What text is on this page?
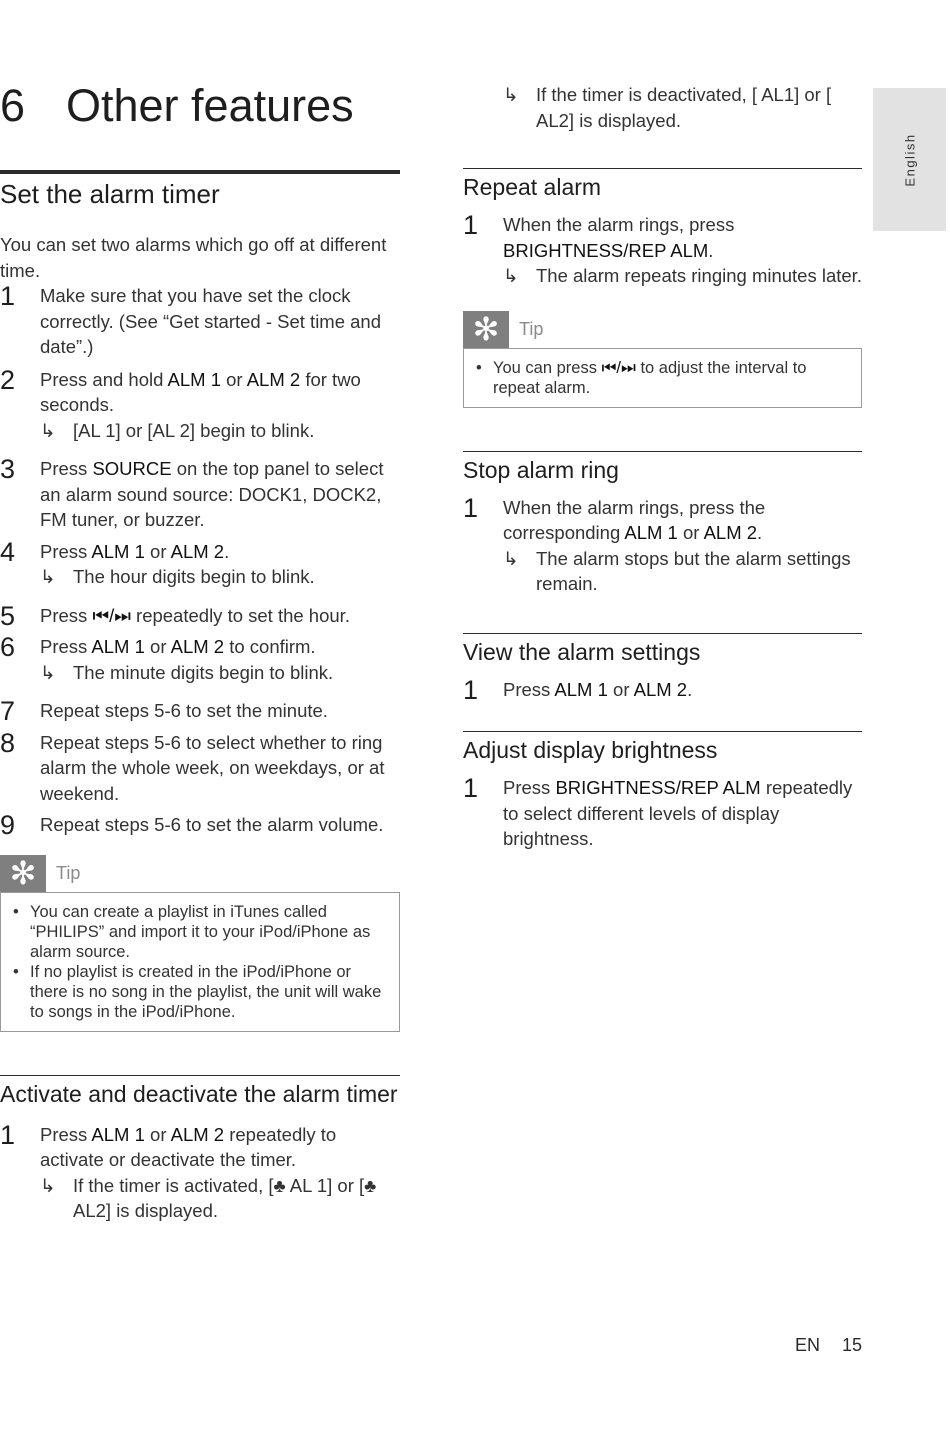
English
6 Other features
Set the alarm timer

You can set two alarms which go off at different time.

1 Make sure that you have set the clock correctly. (See “Get started - Set time and date”.)
2 Press and hold ALM 1 or ALM 2 for two seconds.
↳ [AL 1] or [AL 2] begin to blink.
3 Press SOURCE on the top panel to select an alarm sound source: DOCK1, DOCK2, FM tuner, or buzzer.
4 Press ALM 1 or ALM 2.
↳ The hour digits begin to blink.
5 Press ⏮/⏭ repeatedly to set the hour.
6 Press ALM 1 or ALM 2 to confirm.
↳ The minute digits begin to blink.
7 Repeat steps 5-6 to set the minute.
8 Repeat steps 5-6 to select whether to ring alarm the whole week, on weekdays, or at weekend.
9 Repeat steps 5-6 to set the alarm volume.
✻	Tip
• You can create a playlist in iTunes called “PHILIPS” and import it to your iPod/iPhone as alarm source.
• If no playlist is created in the iPod/iPhone or there is no song in the playlist, the unit will wake to songs in the iPod/iPhone.
Activate and deactivate the alarm timer
1 Press ALM 1 or ALM 2 repeatedly to activate or deactivate the timer.
↳ If the timer is activated, [♣ AL 1] or [♣ AL2] is displayed.
↳ If the timer is deactivated, [ AL1] or [ AL2] is displayed.
Repeat alarm
1 When the alarm rings, press BRIGHTNESS/REP ALM.
↳ The alarm repeats ringing minutes later.
✻	Tip
• You can press ⏮/⏭ to adjust the interval to repeat alarm.
Stop alarm ring
1 When the alarm rings, press the corresponding ALM 1 or ALM 2.
↳ The alarm stops but the alarm settings remain.
View the alarm settings
1 Press ALM 1 or ALM 2.
Adjust display brightness
1 Press BRIGHTNESS/REP ALM repeatedly to select different levels of display brightness.
EN 15
